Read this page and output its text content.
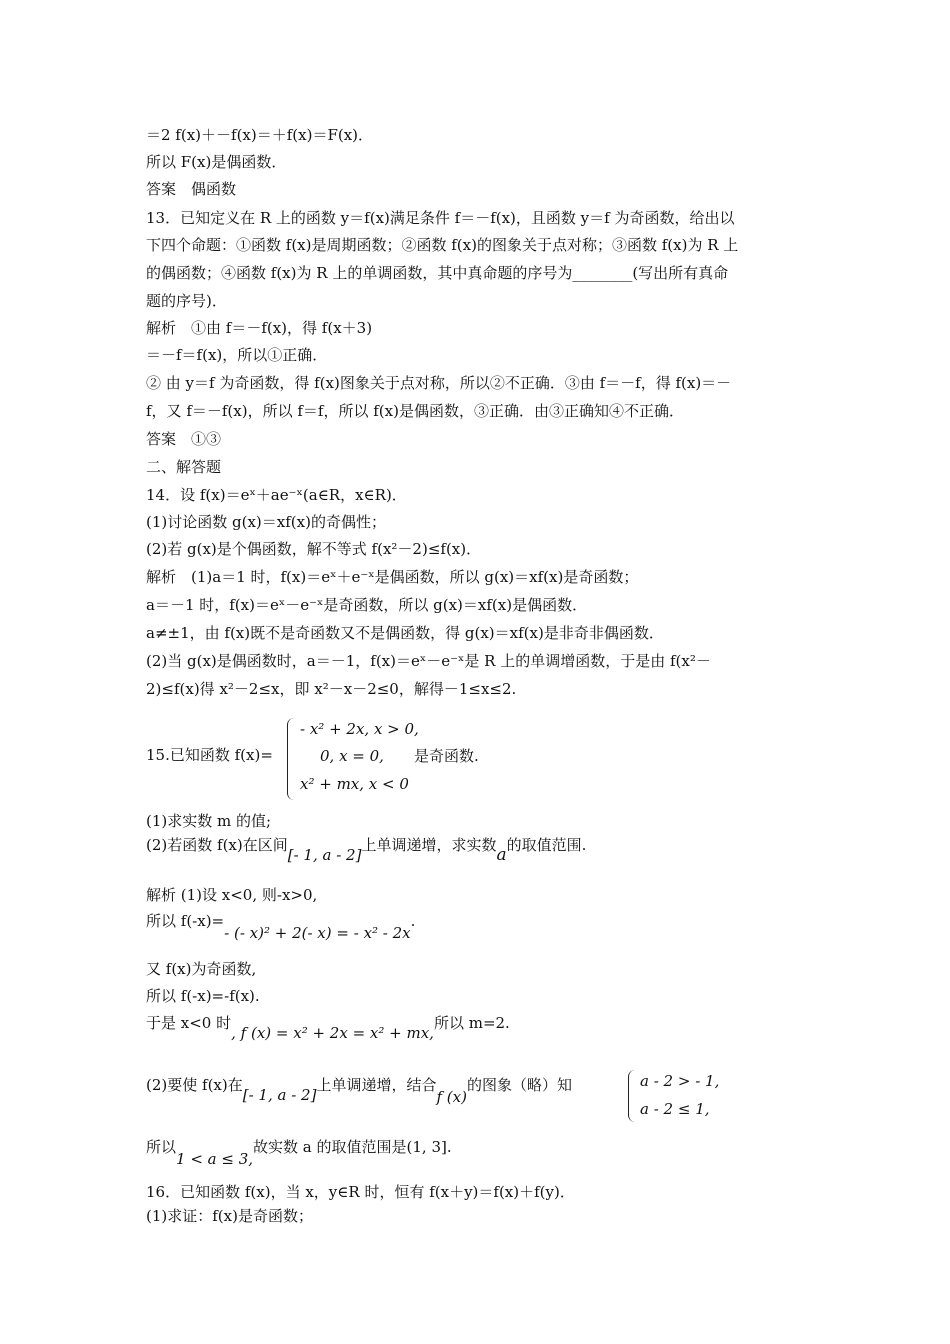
＝2 f(x)＋－f(x)＝＋f(x)＝F(x)．
所以 F(x)是偶函数．
答案　偶函数
13．已知定义在 R 上的函数 y＝f(x)满足条件 f＝－f(x)，且函数 y＝f 为奇函数，给出以
下四个命题：①函数 f(x)是周期函数；②函数 f(x)的图象关于点对称；③函数 f(x)为 R 上
的偶函数；④函数 f(x)为 R 上的单调函数，其中真命题的序号为________(写出所有真命
题的序号)．
解析　①由 f＝－f(x)，得 f(x＋3)
＝－f＝f(x)，所以①正确．
② 由 y＝f 为奇函数，得 f(x)图象关于点对称，所以②不正确．③由 f＝－f，得 f(x)＝－
f，又 f＝－f(x)，所以 f＝f，所以 f(x)是偶函数，③正确．由③正确知④不正确．
答案　①③
二、解答题
14．设 f(x)＝eˣ＋ae⁻ˣ(a∈R，x∈R)．
(1)讨论函数 g(x)＝xf(x)的奇偶性；
(2)若 g(x)是个偶函数，解不等式 f(x²－2)≤f(x)．
解析　(1)a＝1 时，f(x)＝eˣ＋e⁻ˣ是偶函数，所以 g(x)＝xf(x)是奇函数；
a＝－1 时，f(x)＝eˣ－e⁻ˣ是奇函数，所以 g(x)＝xf(x)是偶函数．
a≠±1，由 f(x)既不是奇函数又不是偶函数，得 g(x)＝xf(x)是非奇非偶函数．
(2)当 g(x)是偶函数时，a＝－1，f(x)＝eˣ－e⁻ˣ是 R 上的单调增函数，于是由 f(x²－
2)≤f(x)得 x²－2≤x，即 x²－x－2≤0，解得－1≤x≤2.
15.已知函数 f(x)=
- x² + 2x, x > 0,
0, x = 0,
x² + mx, x < 0
是奇函数.
(1)求实数 m 的值;
(2)若函数 f(x)在区间[- 1, a - 2]上单调递增，求实数a的取值范围.
解析 (1)设 x<0, 则-x>0,
所以 f(-x)=- (- x)² + 2(- x) = - x² - 2x.
又 f(x)为奇函数,
所以 f(-x)=-f(x).
于是 x<0 时, f (x) = x² + 2x = x² + mx,所以 m=2.
(2)要使 f(x)在[- 1, a - 2]上单调递增，结合f (x)的图象（略）知	a - 2 > - 1,
a - 2 ≤ 1,
所以1 < a ≤ 3,故实数 a 的取值范围是(1, 3].
16．已知函数 f(x)，当 x，y∈R 时，恒有 f(x＋y)＝f(x)＋f(y)．
(1)求证：f(x)是奇函数；
